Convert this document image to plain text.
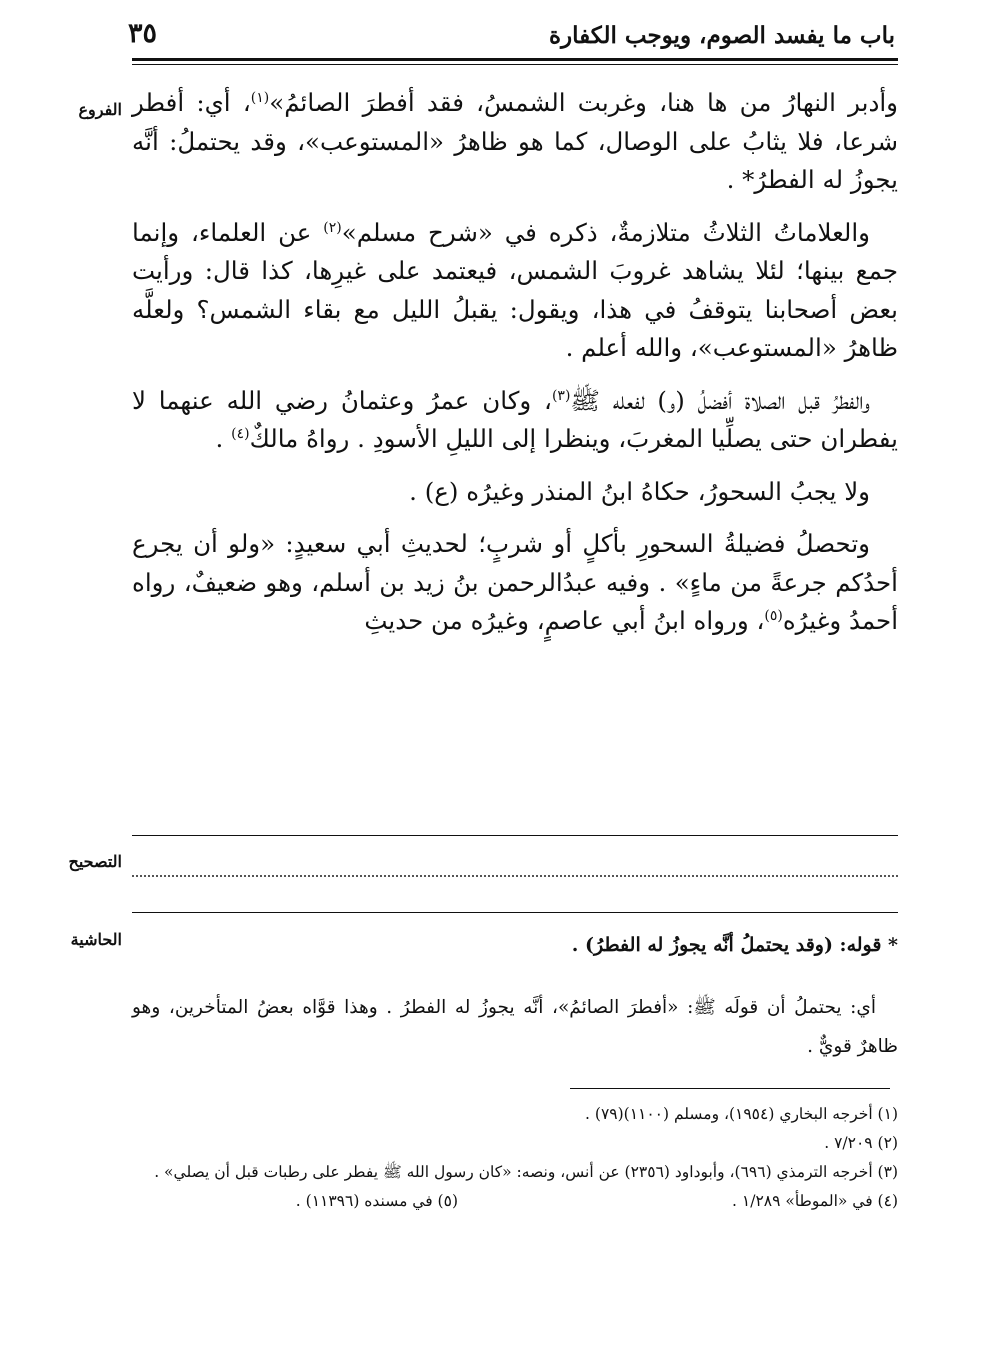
باب ما يفسد الصوم، ويوجب الكفارة
٣٥
الفروع	وأدبر النهارُ من ها هنا، وغربت الشمسُ، فقد أفطرَ الصائمُ»$^{(١)}$، أي: أفطر شرعا، فلا يثابُ على الوصال، كما هو ظاهرُ «المستوعب»، وقد يحتملُ: أنَّه يجوزُ له الفطرُ* .

والعلاماتُ الثلاثُ متلازمةٌ، ذكره في «شرح مسلم»$^{(٢)}$ عن العلماء، وإنما جمع بينها؛ لئلا يشاهد غروبَ الشمس، فيعتمد على غيرِها، كذا قال: ورأيت بعض أصحابنا يتوقفُ في هذا، ويقول: يقبلُ الليل مع بقاء الشمس؟ ولعلَّه ظاهرُ «المستوعب»، والله أعلم .

والفطرُ قبل الصلاة أفضلُ (و) لفعله ﷺ$^{(٣)}$، وكان عمرُ وعثمانُ رضي الله عنهما لا يفطران حتى يصلِّيا المغربَ، وينظرا إلى الليلِ الأسودِ . رواهُ مالكٌ$^{(٤)}$ .

ولا يجبُ السحورُ، حكاهُ ابنُ المنذر وغيرُه (ع) .

وتحصلُ فضيلةُ السحورِ بأكلٍ أو شربٍ؛ لحديثِ أبي سعيدٍ: «ولو أن يجرع أحدُكم جرعةً من ماءٍ» . وفيه عبدُالرحمن بنُ زيد بن أسلم، وهو ضعيفٌ، رواه أحمدُ وغيرُه$^{(٥)}$، ورواه ابنُ أبي عاصمٍ، وغيرُه من حديثِ

التصحيح
الحاشية	* قوله: (وقد يحتملُ أنَّه يجوزُ له الفطرُ) .
أي: يحتملُ أن قولَه ﷺ: «أفطرَ الصائمُ»، أنَّه يجوزُ له الفطرُ . وهذا قوَّاه بعضُ المتأخرين، وهو ظاهرٌ قويٌّ .

(١) أخرجه البخاري (١٩٥٤)، ومسلم (١١٠٠)(٧٩) .

(٢) ٧/٢٠٩ .

(٣) أخرجه الترمذي (٦٩٦)، وأبوداود (٢٣٥٦) عن أنس، ونصه: «كان رسول الله ﷺ يفطر على رطبات قبل أن يصلي» .

(٤) في «الموطأ» ١/٢٨٩ .

(٥) في مسنده (١١٣٩٦) .
